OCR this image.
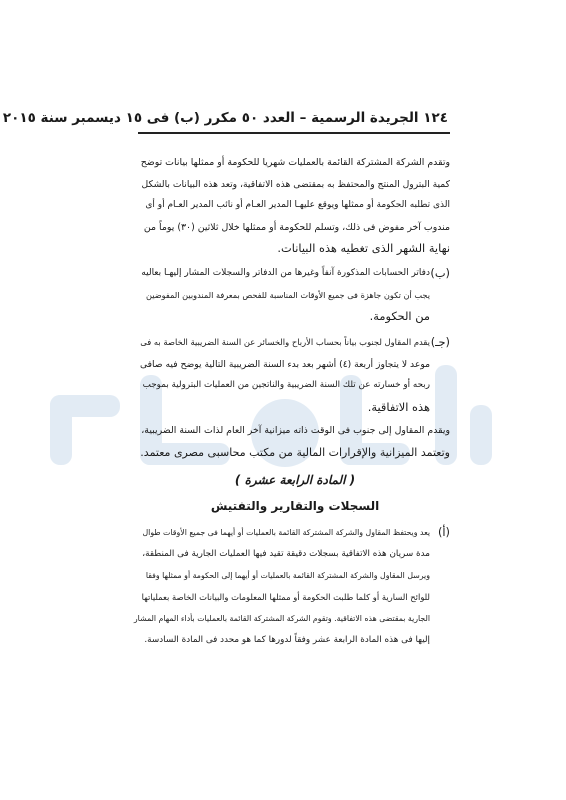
١٢٤ الجريدة الرسمية – العدد ٥٠ مكرر (ب) فى ١٥ ديسمبر سنة ٢٠١٥
وتقدم الشركة المشتركة القائمة بالعمليات شهريا للحكومة أو ممثلها بيانات توضح
كمية البترول المنتج والمحتفظ به بمقتضى هذه الاتفاقية، وتعد هذه البيانات بالشكل
الذى تطلبه الحكومة أو ممثلها ويوقع عليهـا المدير العـام أو نائب المدير العـام أو أى
مندوب آخر مفوض فى ذلك، وتسلم للحكومة أو ممثلها خلال ثلاثين (٣٠) يوماً من
نهاية الشهر الذى تغطيه هذه البيانات.
(ب)
دفاتر الحسابات المذكورة آنفاً وغيرها من الدفاتر والسجلات المشار إليهـا بعاليه
يجب أن تكون جاهزة فى جميع الأوقات المناسبة للفحص بمعرفة المندوبين المفوضين
من الحكومة.
(جـ)
يقدم المقاول لجنوب بياناً بحساب الأرباح والخسائر عن السنة الضريبية الخاصة به فى
موعد لا يتجاوز أربعة (٤) أشهر بعد بدء السنة الضريبية التالية يوضح فيه صافى
ربحه أو خسارته عن تلك السنة الضريبية والناتجين من العمليات البترولية بموجب
هذه الاتفاقية.
ويقدم المقاول إلى جنوب فى الوقت ذاته ميزانية آخر العام لذات السنة الضريبية،
وتعتمد الميزانية والإقرارات المالية من مكتب محاسبى مصرى معتمد.
( المادة الرابعة عشرة )
السجلات والتقارير والتفتيش
(أ)
يعد ويحتفظ المقاول والشركة المشتركة القائمة بالعمليات أو أيهما فى جميع الأوقات طوال
مدة سريان هذه الاتفاقية بسجلات دقيقة تقيد فيها العمليات الجارية فى المنطقة،
ويرسل المقاول والشركة المشتركة القائمة بالعمليات أو أيهما إلى الحكومة أو ممثلها وفقا
للوائح السارية أو كلما طلبت الحكومة أو ممثلها المعلومات والبيانات الخاصة بعملياتها
الجارية بمقتضى هذه الاتفاقية. وتقوم الشركة المشتركة القائمة بالعمليات بأداء المهام المشار
إليها فى هذه المادة الرابعة عشر وفقاً لدورها كما هو محدد فى المادة السادسة.
